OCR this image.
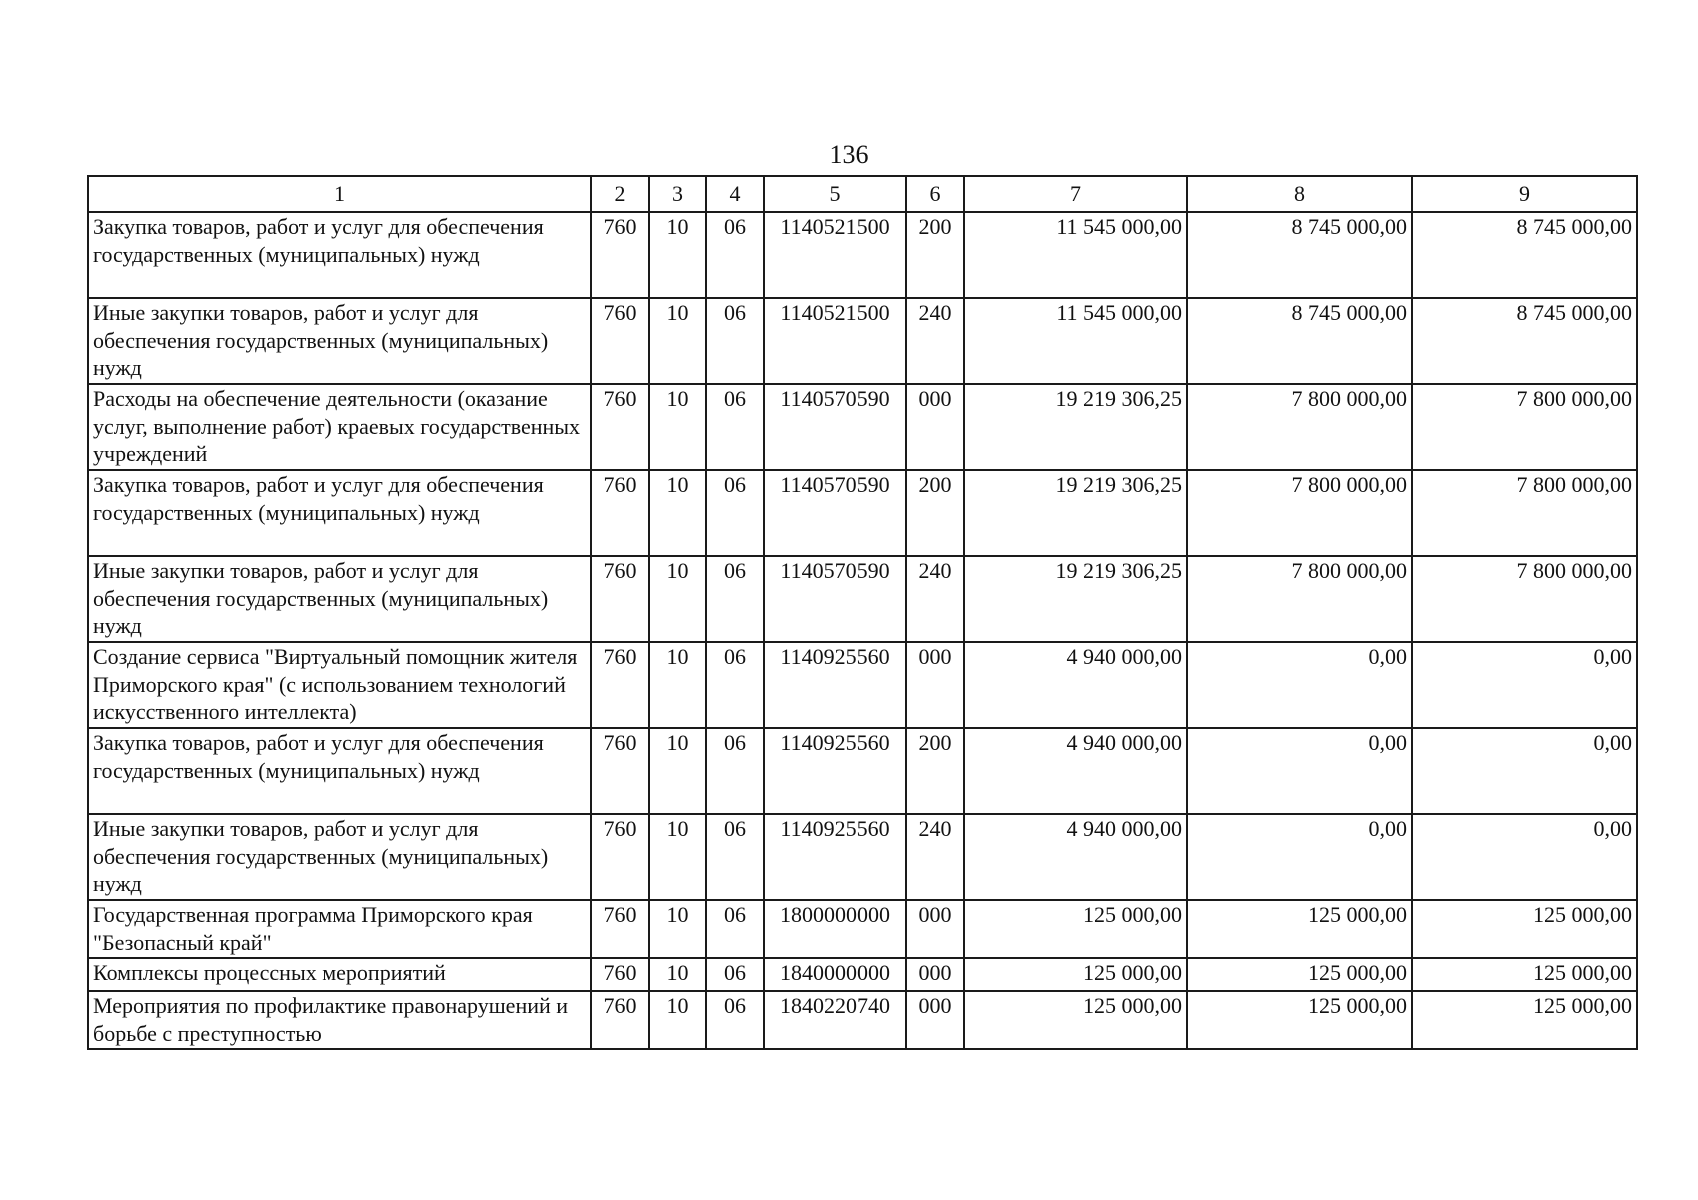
136
1	2	3	4	5	6	7	8	9
Закупка товаров, работ и услуг для обеспечения государственных (муниципальных) нужд	760	10	06	1140521500	200	11 545 000,00	8 745 000,00	8 745 000,00
Иные закупки товаров, работ и услуг для обеспечения государственных (муниципальных) нужд	760	10	06	1140521500	240	11 545 000,00	8 745 000,00	8 745 000,00
Расходы на обеспечение деятельности (оказание услуг, выполнение работ) краевых государственных учреждений	760	10	06	1140570590	000	19 219 306,25	7 800 000,00	7 800 000,00
Закупка товаров, работ и услуг для обеспечения государственных (муниципальных) нужд	760	10	06	1140570590	200	19 219 306,25	7 800 000,00	7 800 000,00
Иные закупки товаров, работ и услуг для обеспечения государственных (муниципальных) нужд	760	10	06	1140570590	240	19 219 306,25	7 800 000,00	7 800 000,00
Создание сервиса "Виртуальный помощник жителя Приморского края" (с использованием технологий искусственного интеллекта)	760	10	06	1140925560	000	4 940 000,00	0,00	0,00
Закупка товаров, работ и услуг для обеспечения государственных (муниципальных) нужд	760	10	06	1140925560	200	4 940 000,00	0,00	0,00
Иные закупки товаров, работ и услуг для обеспечения государственных (муниципальных) нужд	760	10	06	1140925560	240	4 940 000,00	0,00	0,00
Государственная программа Приморского края "Безопасный край"	760	10	06	1800000000	000	125 000,00	125 000,00	125 000,00
Комплексы процессных мероприятий	760	10	06	1840000000	000	125 000,00	125 000,00	125 000,00
Мероприятия по профилактике правонарушений и борьбе с преступностью	760	10	06	1840220740	000	125 000,00	125 000,00	125 000,00
